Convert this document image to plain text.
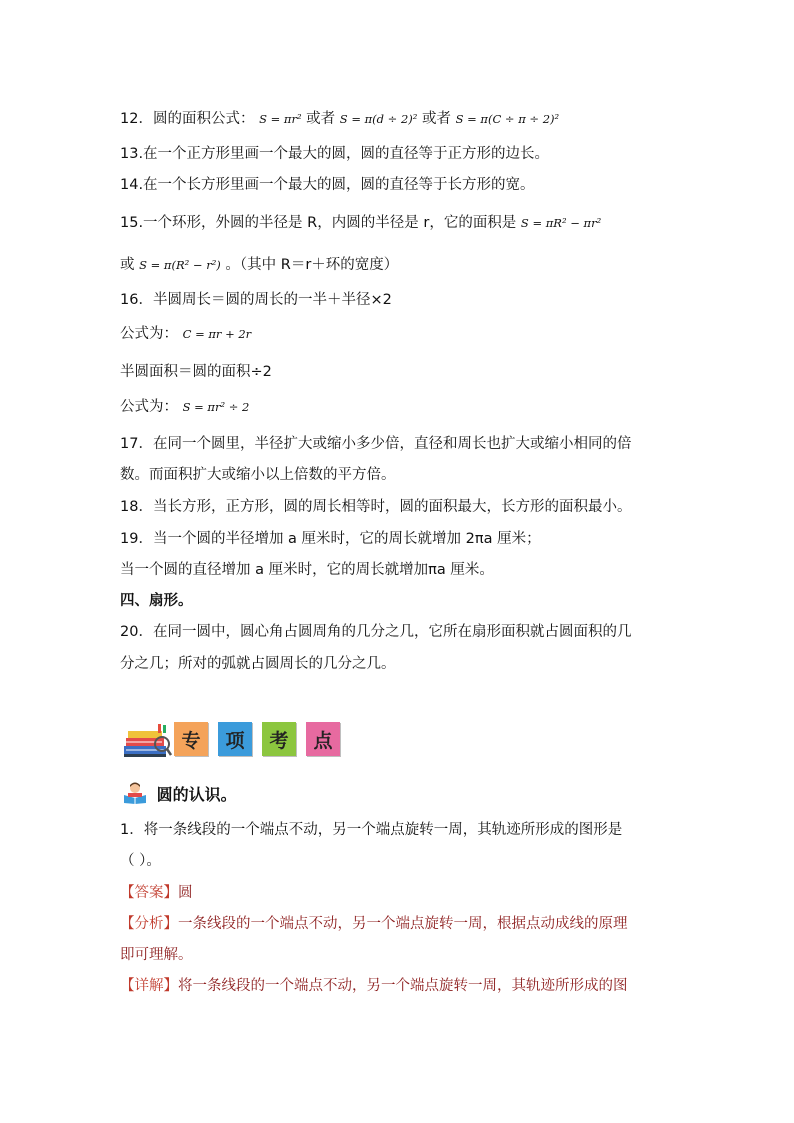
12．圆的面积公式： S = πr² 或者 S = π(d ÷ 2)² 或者 S = π(C ÷ π ÷ 2)²
13.在一个正方形里画一个最大的圆，圆的直径等于正方形的边长。
14.在一个长方形里画一个最大的圆，圆的直径等于长方形的宽。
15.一个环形，外圆的半径是 R，内圆的半径是 r，它的面积是 S = πR² − πr²
或 S = π(R² − r²) 。（其中 R＝r＋环的宽度）
16．半圆周长＝圆的周长的一半＋半径×2
公式为： C = πr + 2r
半圆面积＝圆的面积÷2
公式为： S = πr² ÷ 2
17．在同一个圆里，半径扩大或缩小多少倍，直径和周长也扩大或缩小相同的倍
数。而面积扩大或缩小以上倍数的平方倍。
18．当长方形，正方形，圆的周长相等时，圆的面积最大，长方形的面积最小。
19．当一个圆的半径增加 a 厘米时，它的周长就增加 2πa 厘米；
当一个圆的直径增加 a 厘米时，它的周长就增加πa 厘米。
四、扇形。
20．在同一圆中，圆心角占圆周角的几分之几，它所在扇形面积就占圆面积的几
分之几；所对的弧就占圆周长的几分之几。
专	项	考	点
圆的认识。
1．将一条线段的一个端点不动，另一个端点旋转一周，其轨迹所形成的图形是
（ ）。
【答案】圆
【分析】一条线段的一个端点不动，另一个端点旋转一周，根据点动成线的原理
即可理解。
【详解】将一条线段的一个端点不动，另一个端点旋转一周，其轨迹所形成的图
